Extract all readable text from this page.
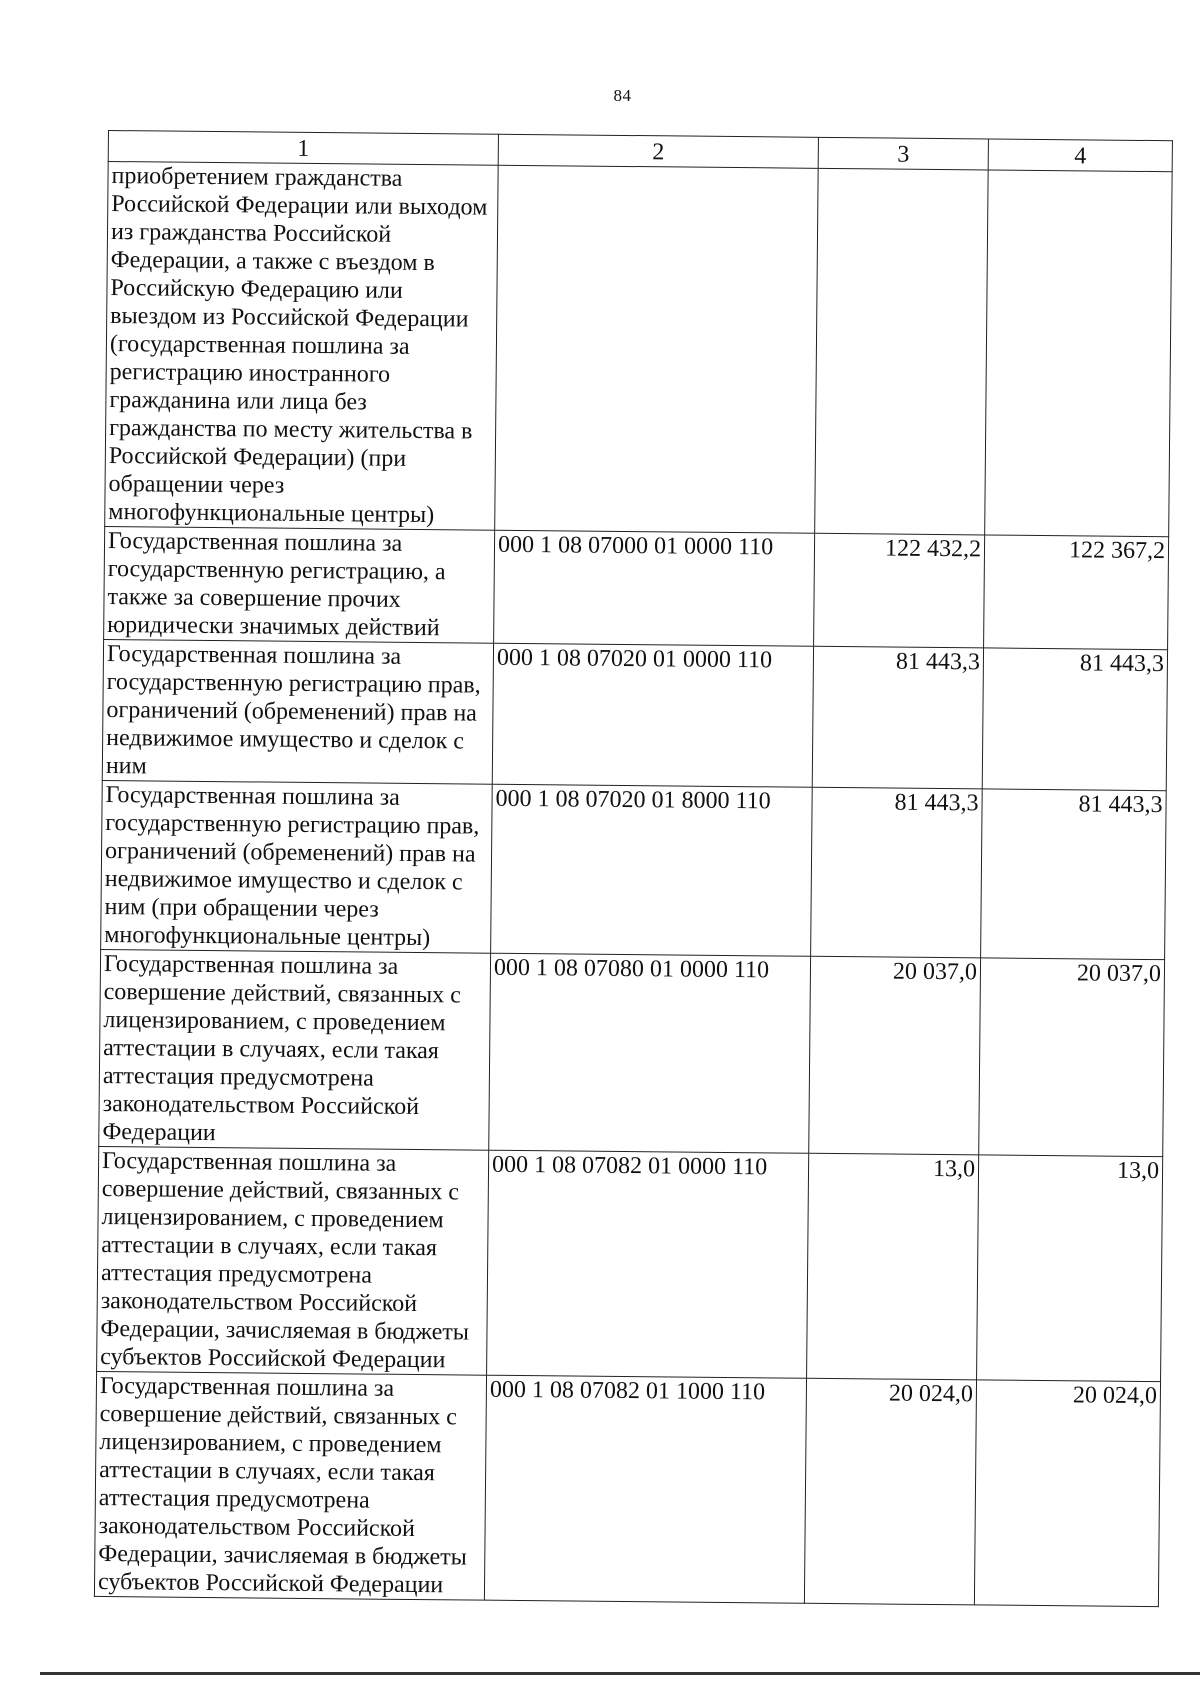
84
1	2	3	4
приобретением гражданства Российской Федерации или выходом из гражданства Российской Федерации, а также с въездом в Российскую Федерацию или выездом из Российской Федерации (государственная пошлина за регистрацию иностранного гражданина или лица без гражданства по месту жительства в Российской Федерации) (при обращении через многофункциональные центры)			
Государственная пошлина за государственную регистрацию, а также за совершение прочих юридически значимых действий	000 1 08 07000 01 0000 110	122 432,2	122 367,2
Государственная пошлина за государственную регистрацию прав, ограничений (обременений) прав на недвижимое имущество и сделок с ним	000 1 08 07020 01 0000 110	81 443,3	81 443,3
Государственная пошлина за государственную регистрацию прав, ограничений (обременений) прав на недвижимое имущество и сделок с ним (при обращении через многофункциональные центры)	000 1 08 07020 01 8000 110	81 443,3	81 443,3
Государственная пошлина за совершение действий, связанных с лицензированием, с проведением аттестации в случаях, если такая аттестация предусмотрена законодательством Российской Федерации	000 1 08 07080 01 0000 110	20 037,0	20 037,0
Государственная пошлина за совершение действий, связанных с лицензированием, с проведением аттестации в случаях, если такая аттестация предусмотрена законодательством Российской Федерации, зачисляемая в бюджеты субъектов Российской Федерации	000 1 08 07082 01 0000 110	13,0	13,0
Государственная пошлина за совершение действий, связанных с лицензированием, с проведением аттестации в случаях, если такая аттестация предусмотрена законодательством Российской Федерации, зачисляемая в бюджеты субъектов Российской Федерации	000 1 08 07082 01 1000 110	20 024,0	20 024,0
